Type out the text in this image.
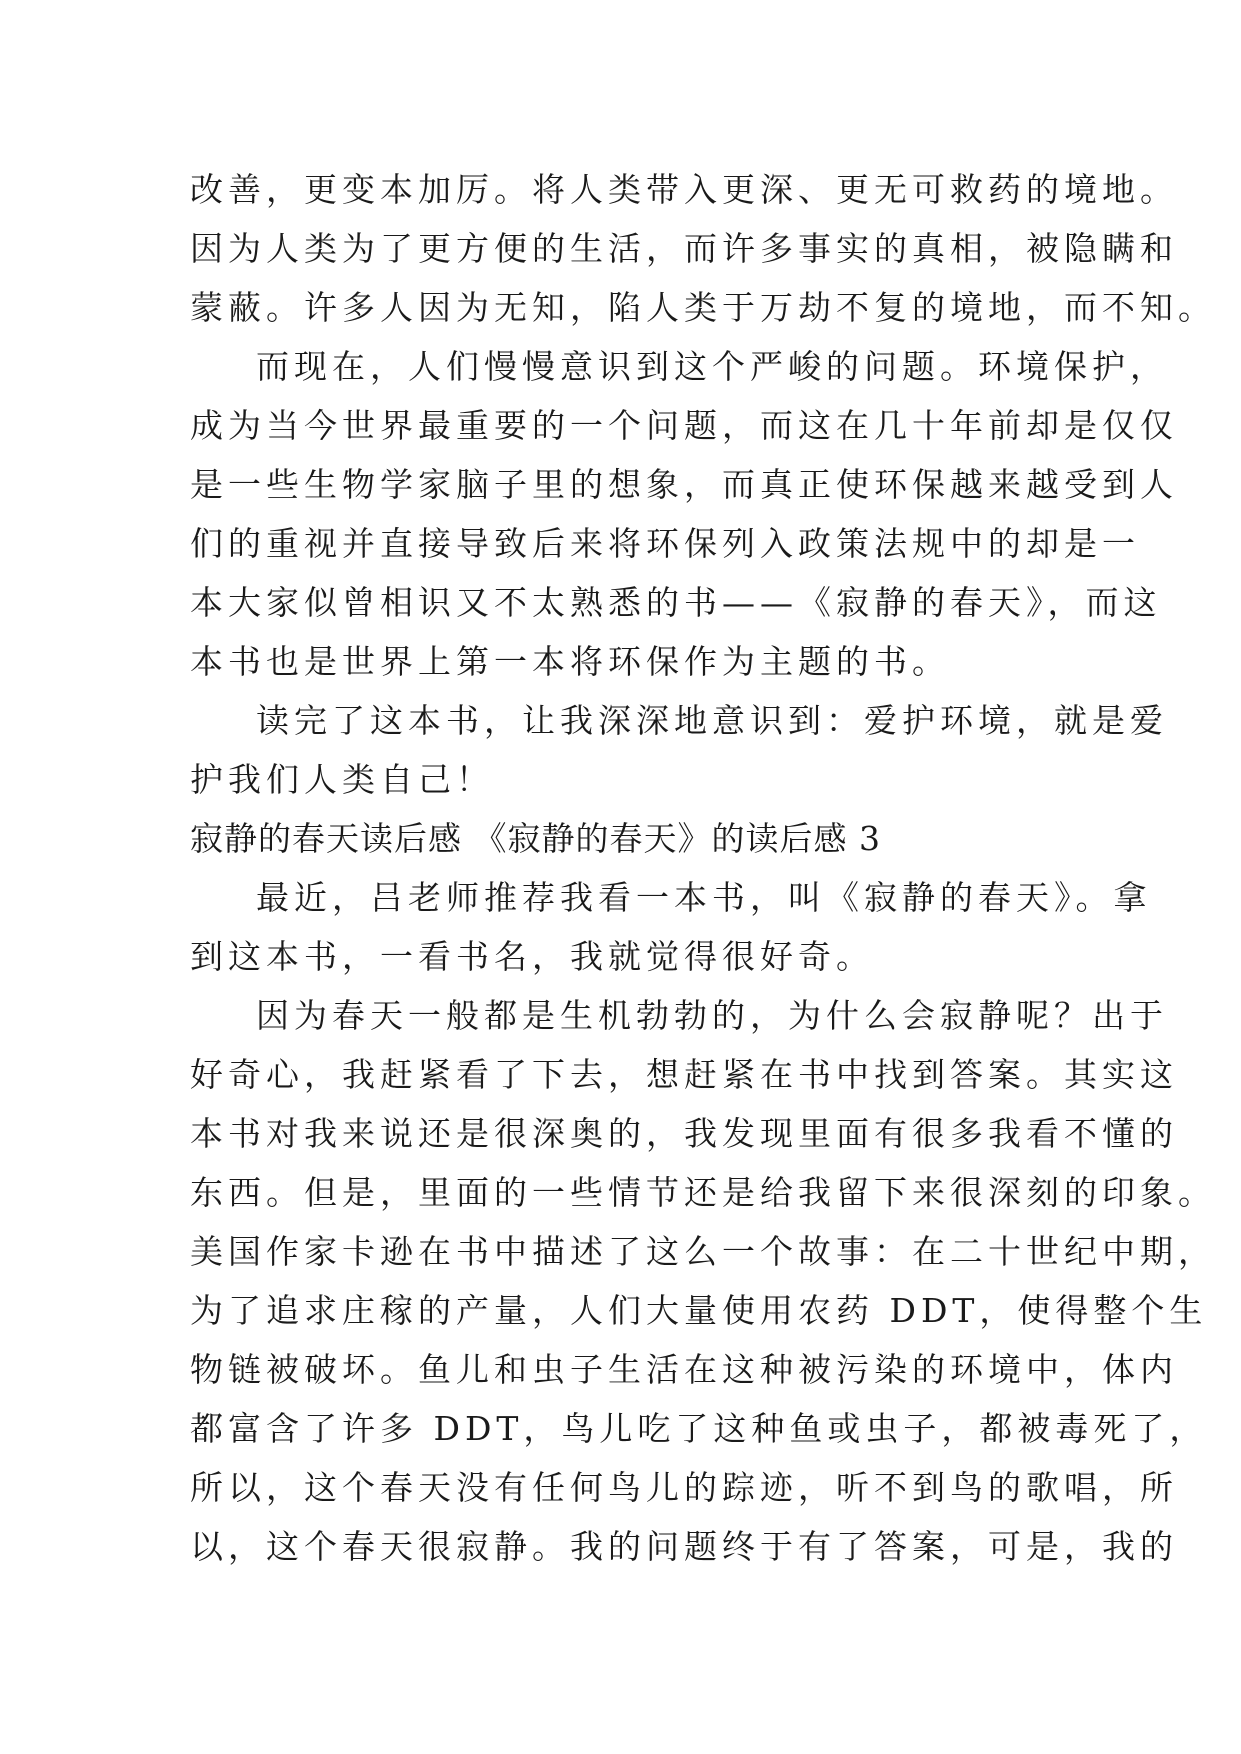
改善，更变本加厉。将人类带入更深、更无可救药的境地。
因为人类为了更方便的生活，而许多事实的真相，被隐瞒和
蒙蔽。许多人因为无知，陷人类于万劫不复的境地，而不知。
而现在，人们慢慢意识到这个严峻的问题。环境保护，
成为当今世界最重要的一个问题，而这在几十年前却是仅仅
是一些生物学家脑子里的想象，而真正使环保越来越受到人
们的重视并直接导致后来将环保列入政策法规中的却是一
本大家似曾相识又不太熟悉的书——《寂静的春天》，而这
本书也是世界上第一本将环保作为主题的书。
读完了这本书，让我深深地意识到：爱护环境，就是爱
护我们人类自己！
寂静的春天读后感 《寂静的春天》的读后感 3
最近，吕老师推荐我看一本书，叫《寂静的春天》。拿
到这本书，一看书名，我就觉得很好奇。
因为春天一般都是生机勃勃的，为什么会寂静呢？出于
好奇心，我赶紧看了下去，想赶紧在书中找到答案。其实这
本书对我来说还是很深奥的，我发现里面有很多我看不懂的
东西。但是，里面的一些情节还是给我留下来很深刻的印象。
美国作家卡逊在书中描述了这么一个故事：在二十世纪中期，
为了追求庄稼的产量，人们大量使用农药 DDT，使得整个生
物链被破坏。鱼儿和虫子生活在这种被污染的环境中，体内
都富含了许多 DDT，鸟儿吃了这种鱼或虫子，都被毒死了，
所以，这个春天没有任何鸟儿的踪迹，听不到鸟的歌唱，所
以，这个春天很寂静。我的问题终于有了答案，可是，我的
